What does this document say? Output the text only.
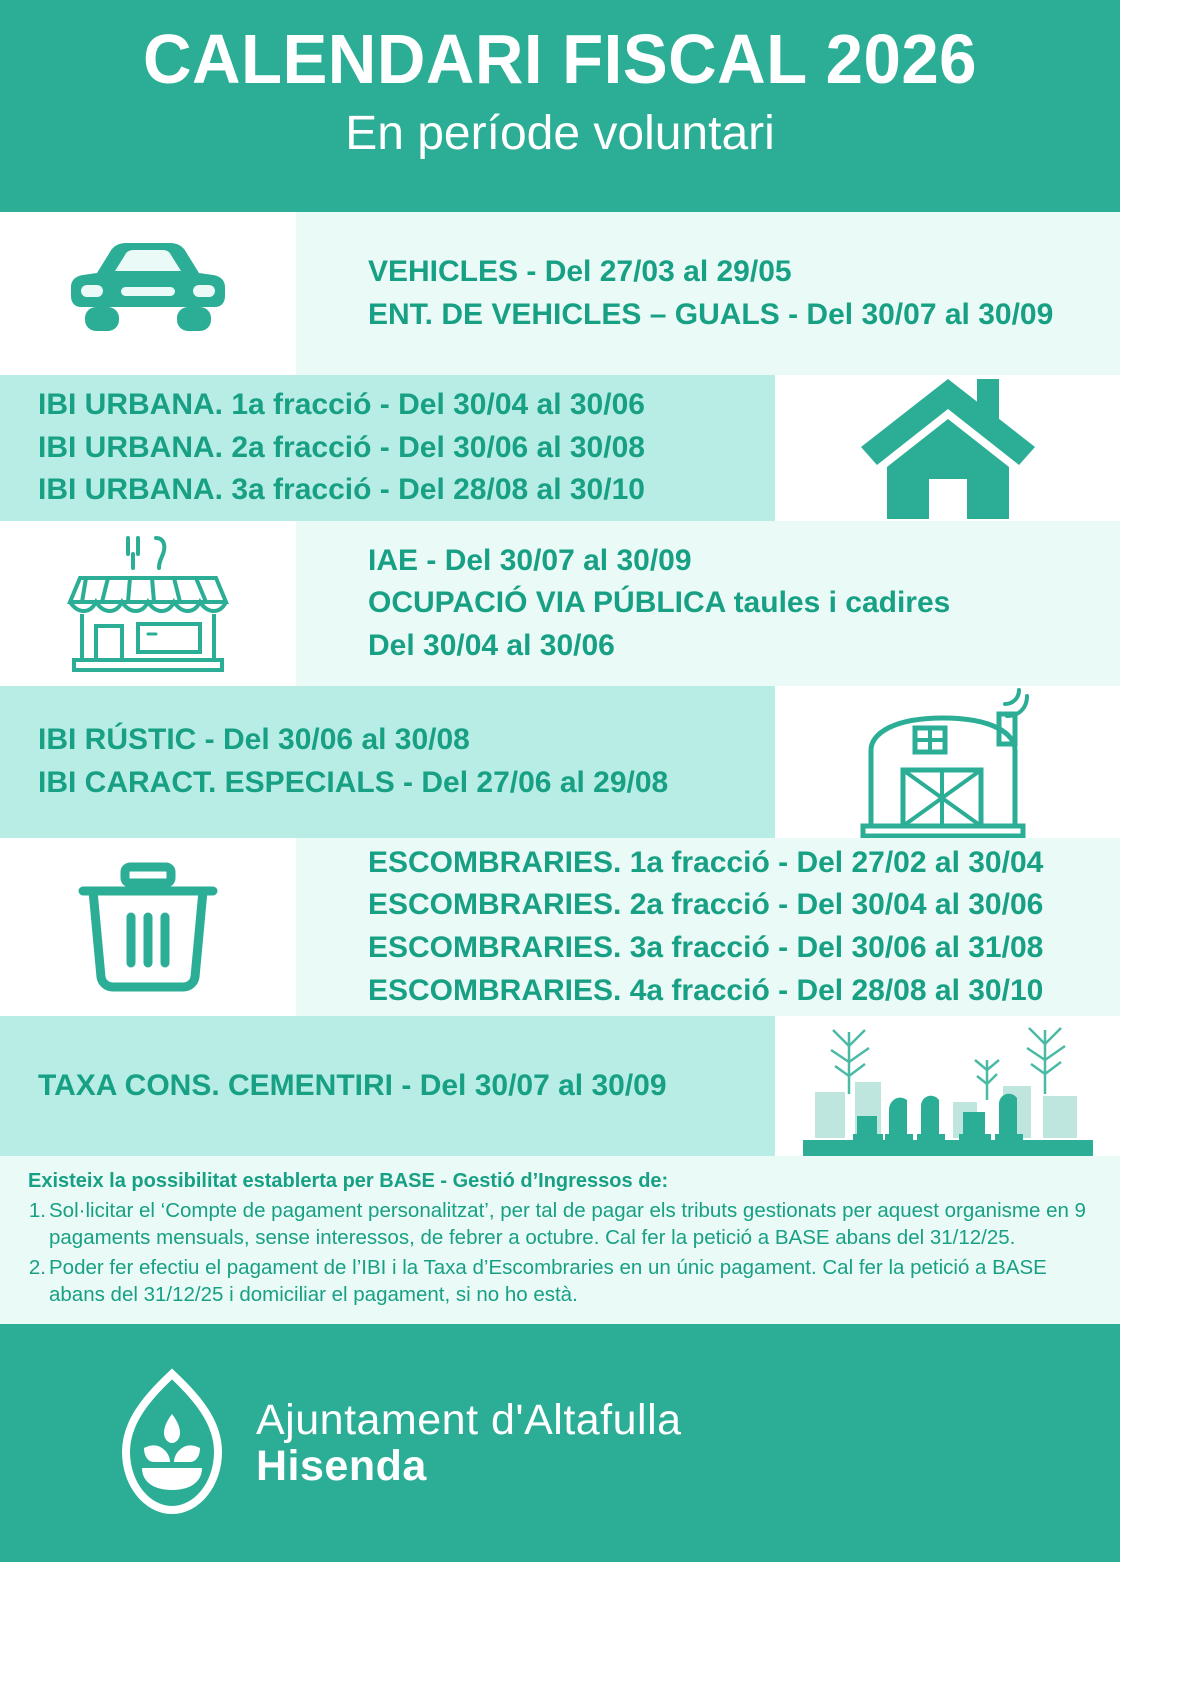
CALENDARI FISCAL 2026
En període voluntari
VEHICLES - Del 27/03 al 29/05
ENT. DE VEHICLES – GUALS - Del 30/07 al 30/09
IBI URBANA. 1a fracció - Del 30/04 al 30/06
IBI URBANA. 2a fracció - Del 30/06 al 30/08
IBI URBANA. 3a fracció - Del 28/08 al 30/10
IAE - Del 30/07 al 30/09
OCUPACIÓ VIA PÚBLICA taules i cadires
Del 30/04 al 30/06
IBI RÚSTIC - Del 30/06 al 30/08
IBI CARACT. ESPECIALS - Del 27/06 al 29/08
ESCOMBRARIES. 1a fracció - Del 27/02 al 30/04
ESCOMBRARIES. 2a fracció - Del 30/04 al 30/06
ESCOMBRARIES. 3a fracció - Del 30/06 al 31/08
ESCOMBRARIES. 4a fracció - Del 28/08 al 30/10
TAXA CONS. CEMENTIRI - Del 30/07 al 30/09
Existeix la possibilitat establerta per BASE - Gestió d’Ingressos de:
1. Sol·licitar el ‘Compte de pagament personalitzat’, per tal de pagar els tributs gestionats per aquest organisme en 9 pagaments mensuals, sense interessos, de febrer a octubre. Cal fer la petició a BASE abans del 31/12/25.
2. Poder fer efectiu el pagament de l’IBI i la Taxa d’Escombraries en un únic pagament. Cal fer la petició a BASE abans del 31/12/25 i domiciliar el pagament, si no ho està.
Ajuntament d'Altafulla
Hisenda
